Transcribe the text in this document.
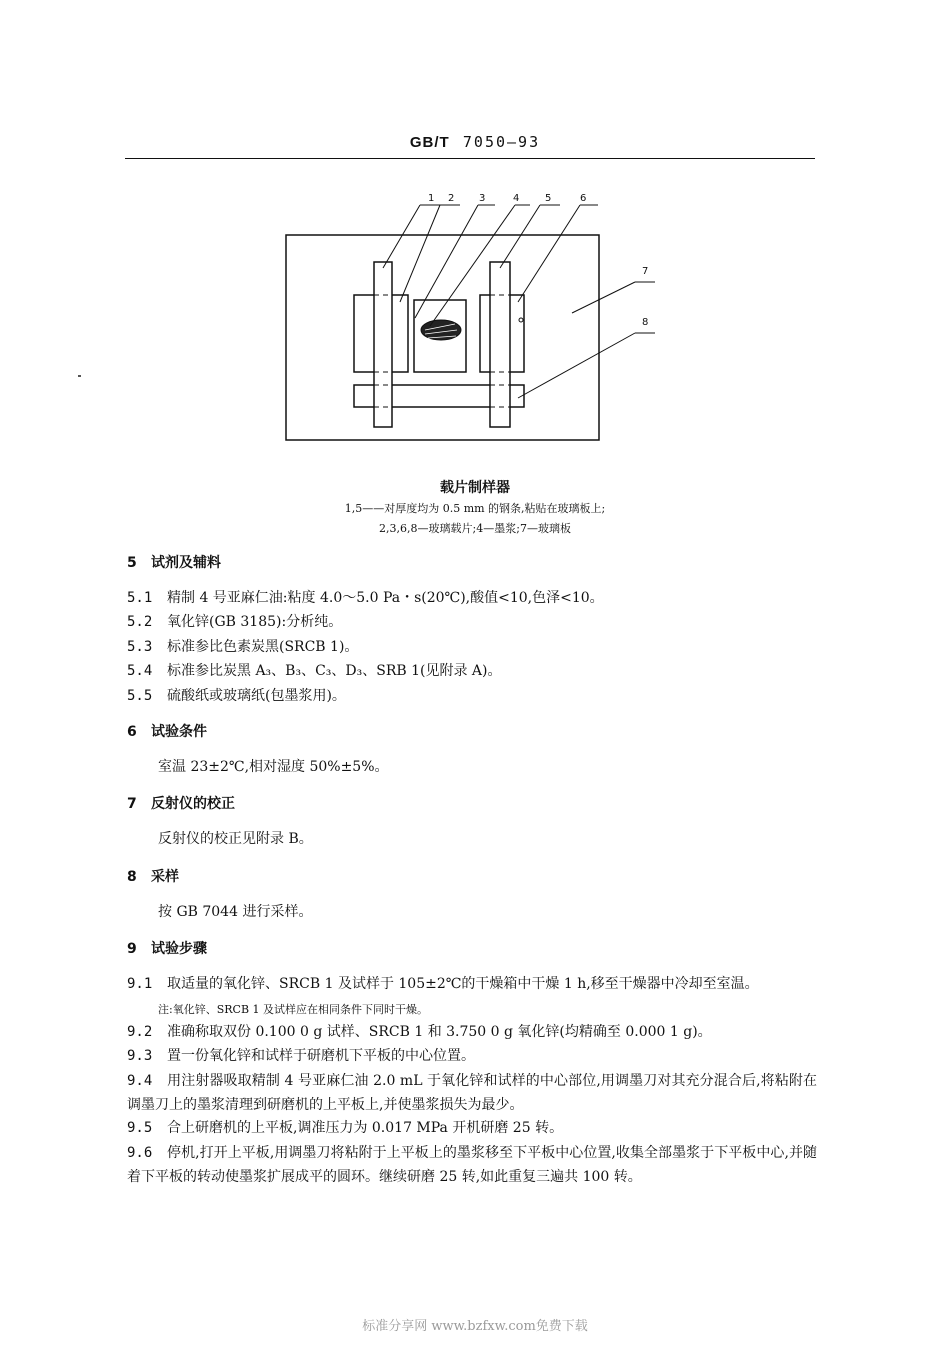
GB/T 7050—93
1 2 3	4	5	6
7
8
载片制样器
1,5——对厚度均为 0.5 mm 的钢条,粘贴在玻璃板上;
2,3,6,8—玻璃载片;4—墨浆;7—玻璃板
5 试剂及辅料
5.1 精制 4 号亚麻仁油:粘度 4.0～5.0 Pa・s(20℃),酸值<10,色泽<10。
5.2 氧化锌(GB 3185):分析纯。
5.3 标准参比色素炭黑(SRCB 1)。
5.4 标准参比炭黑 A₃、B₃、C₃、D₃、SRB 1(见附录 A)。
5.5 硫酸纸或玻璃纸(包墨浆用)。
6 试验条件
室温 23±2℃,相对湿度 50%±5%。
7 反射仪的校正
反射仪的校正见附录 B。
8 采样
按 GB 7044 进行采样。
9 试验步骤
9.1 取适量的氧化锌、SRCB 1 及试样于 105±2℃的干燥箱中干燥 1 h,移至干燥器中冷却至室温。
注:氧化锌、SRCB 1 及试样应在相同条件下同时干燥。
9.2 准确称取双份 0.100 0 g 试样、SRCB 1 和 3.750 0 g 氧化锌(均精确至 0.000 1 g)。
9.3 置一份氧化锌和试样于研磨机下平板的中心位置。
9.4 用注射器吸取精制 4 号亚麻仁油 2.0 mL 于氧化锌和试样的中心部位,用调墨刀对其充分混合后,将粘附在调墨刀上的墨浆清理到研磨机的上平板上,并使墨浆损失为最少。
9.5 合上研磨机的上平板,调准压力为 0.017 MPa 开机研磨 25 转。
9.6 停机,打开上平板,用调墨刀将粘附于上平板上的墨浆移至下平板中心位置,收集全部墨浆于下平板中心,并随着下平板的转动使墨浆扩展成平的圆环。继续研磨 25 转,如此重复三遍共 100 转。
标准分享网 www.bzfxw.com免费下载
